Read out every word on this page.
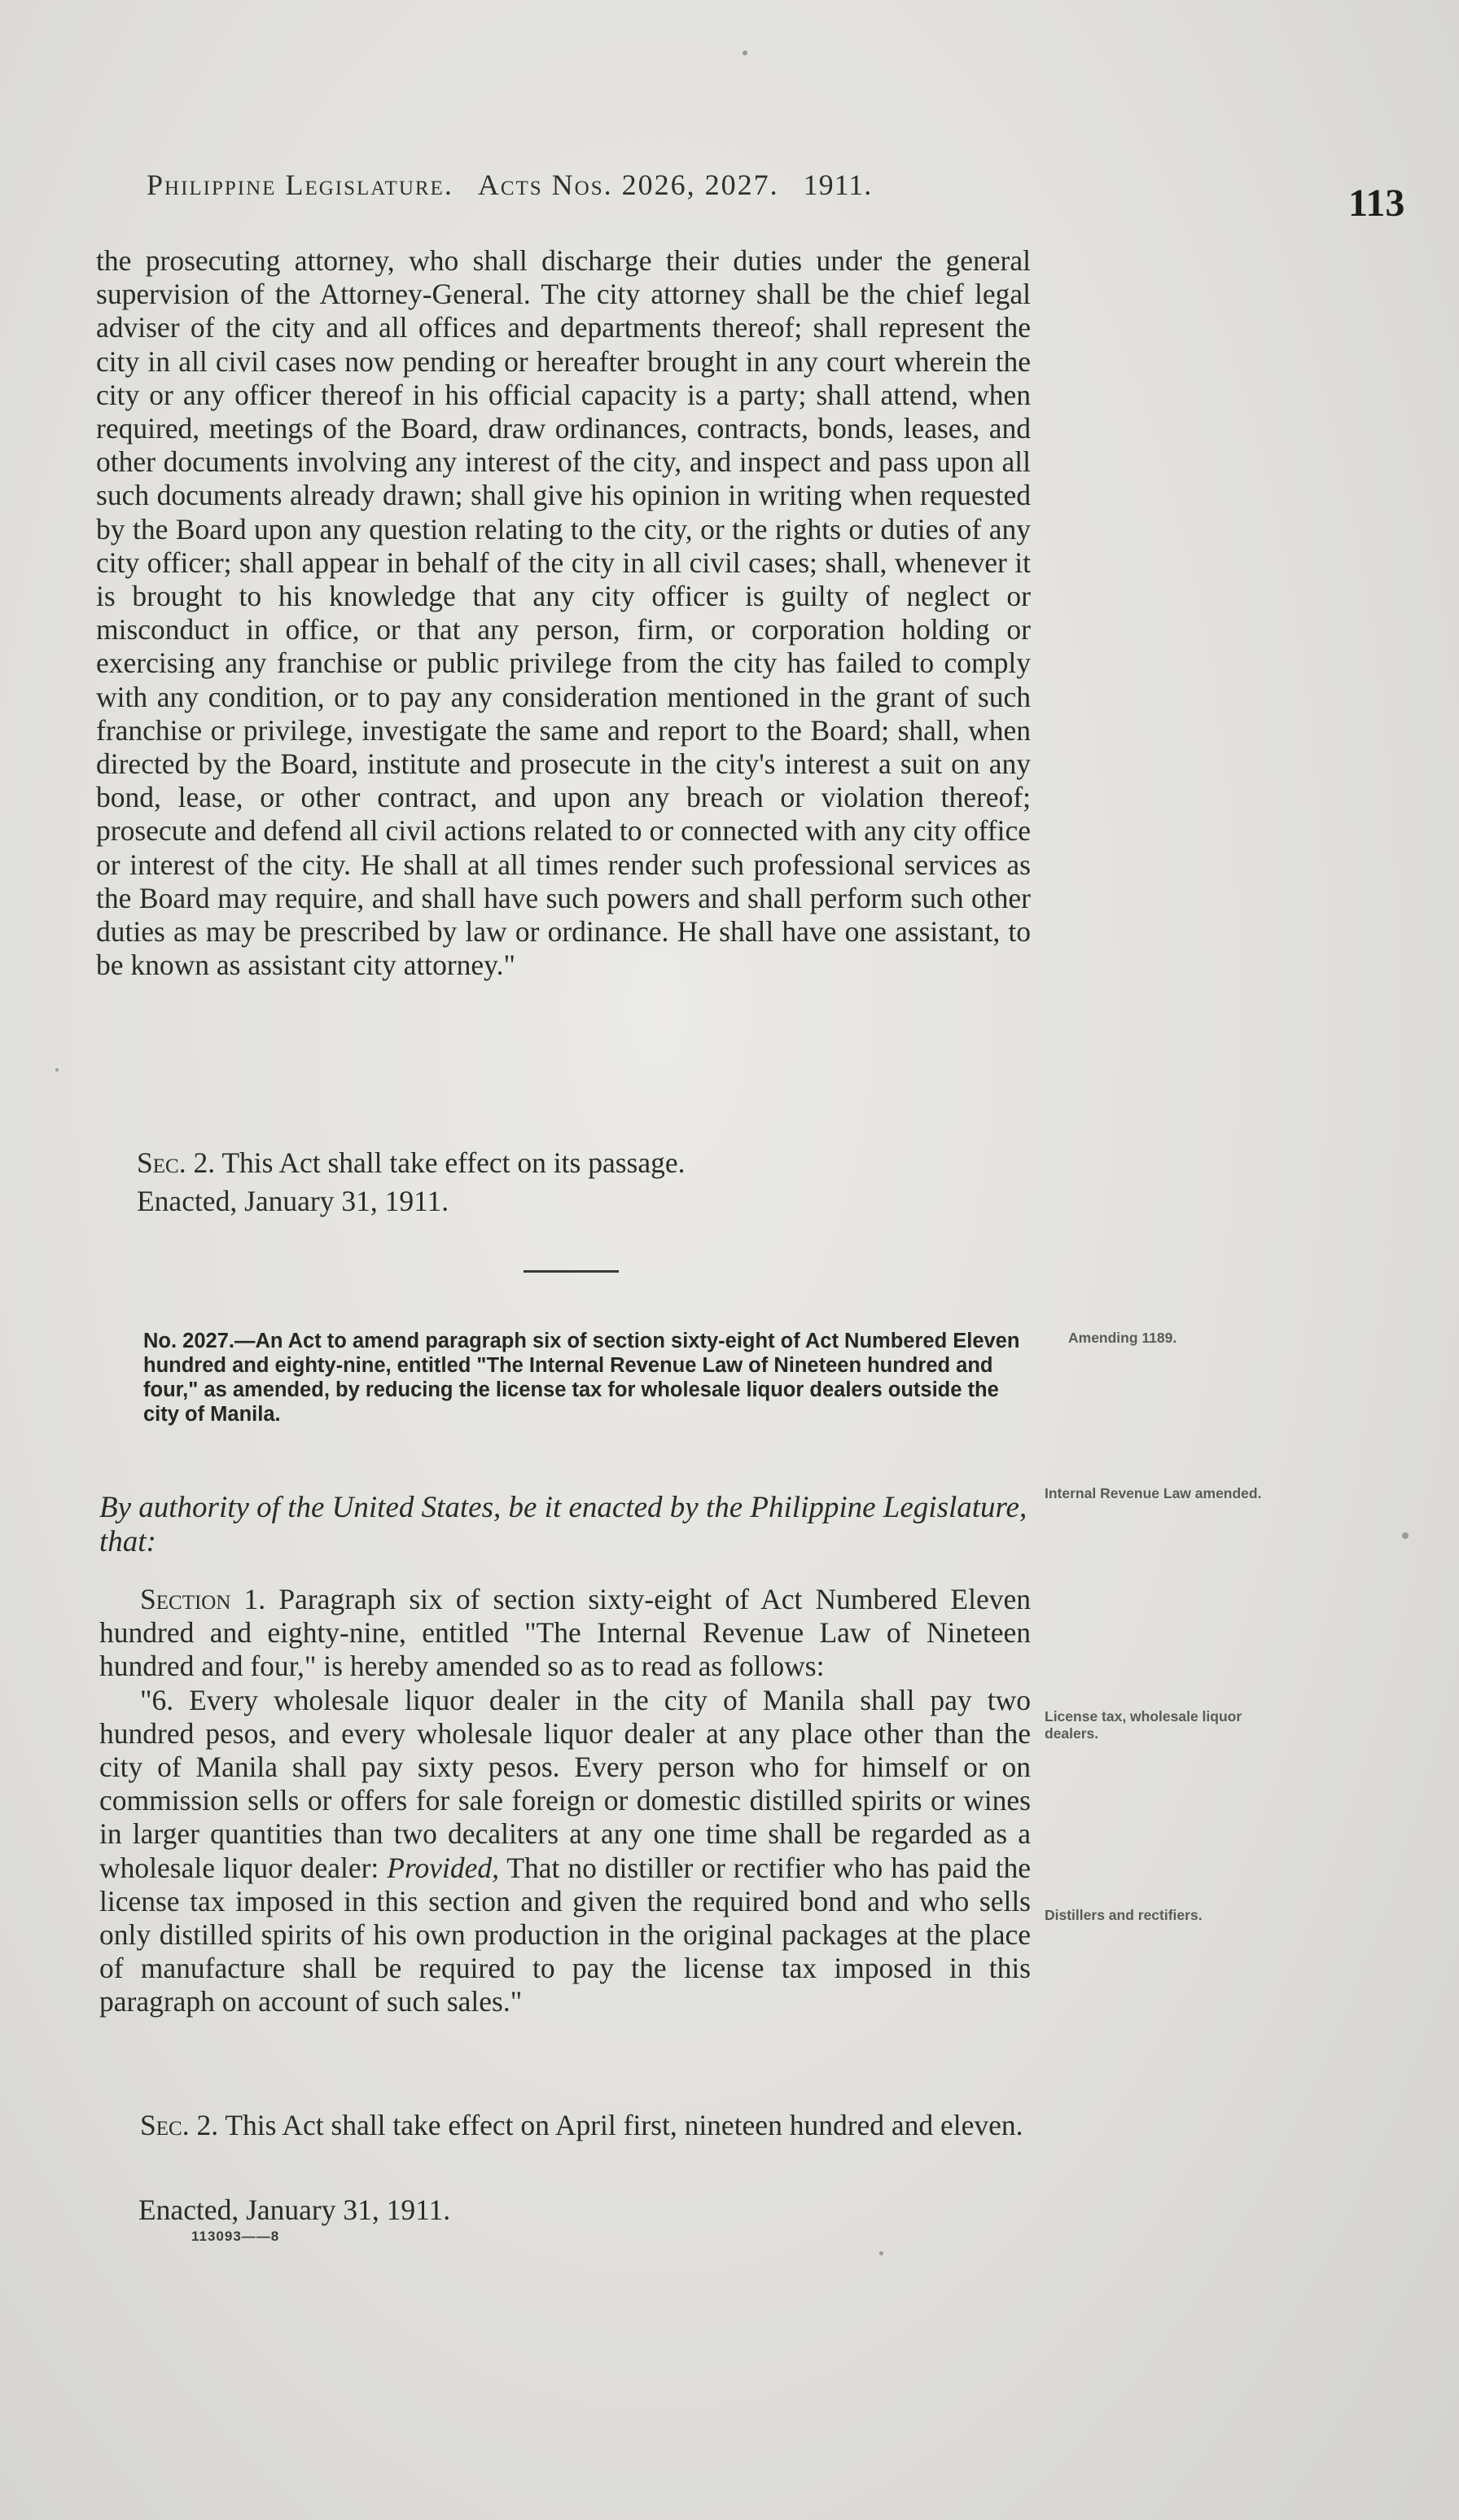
Philippine Legislature. Acts Nos. 2026, 2027. 1911.	113

the prosecuting attorney, who shall discharge their duties under the general supervision of the Attorney-General. The city attorney shall be the chief legal adviser of the city and all offices and departments thereof; shall represent the city in all civil cases now pending or hereafter brought in any court wherein the city or any officer thereof in his official capacity is a party; shall attend, when required, meetings of the Board, draw ordinances, contracts, bonds, leases, and other documents involving any interest of the city, and inspect and pass upon all such documents already drawn; shall give his opinion in writing when requested by the Board upon any question relating to the city, or the rights or duties of any city officer; shall appear in behalf of the city in all civil cases; shall, whenever it is brought to his knowledge that any city officer is guilty of neglect or misconduct in office, or that any person, firm, or corporation holding or exercising any franchise or public privilege from the city has failed to comply with any condition, or to pay any consideration mentioned in the grant of such franchise or privilege, investigate the same and report to the Board; shall, when directed by the Board, institute and prosecute in the city's interest a suit on any bond, lease, or other contract, and upon any breach or violation thereof; prosecute and defend all civil actions related to or connected with any city office or interest of the city. He shall at all times render such professional services as the Board may require, and shall have such powers and shall perform such other duties as may be prescribed by law or ordinance. He shall have one assistant, to be known as assistant city attorney."

Sec. 2. This Act shall take effect on its passage.
Enacted, January 31, 1911.

No. 2027.—An Act to amend paragraph six of section sixty-eight of Act Numbered Eleven hundred and eighty-nine, entitled "The Internal Revenue Law of Nineteen hundred and four," as amended, by reducing the license tax for wholesale liquor dealers outside the city of Manila.

By authority of the United States, be it enacted by the Philippine Legislature, that:

Section 1. Paragraph six of section sixty-eight of Act Numbered Eleven hundred and eighty-nine, entitled "The Internal Revenue Law of Nineteen hundred and four," is hereby amended so as to read as follows:

"6. Every wholesale liquor dealer in the city of Manila shall pay two hundred pesos, and every wholesale liquor dealer at any place other than the city of Manila shall pay sixty pesos. Every person who for himself or on commission sells or offers for sale foreign or domestic distilled spirits or wines in larger quantities than two decaliters at any one time shall be regarded as a wholesale liquor dealer: Provided, That no distiller or rectifier who has paid the license tax imposed in this section and given the required bond and who sells only distilled spirits of his own production in the original packages at the place of manufacture shall be required to pay the license tax imposed in this paragraph on account of such sales."

Sec. 2. This Act shall take effect on April first, nineteen hundred and eleven.

Enacted, January 31, 1911.
113093——8
Amending 1189.
Internal Revenue Law amended.
License tax, wholesale liquor dealers.
Distillers and rectifiers.
